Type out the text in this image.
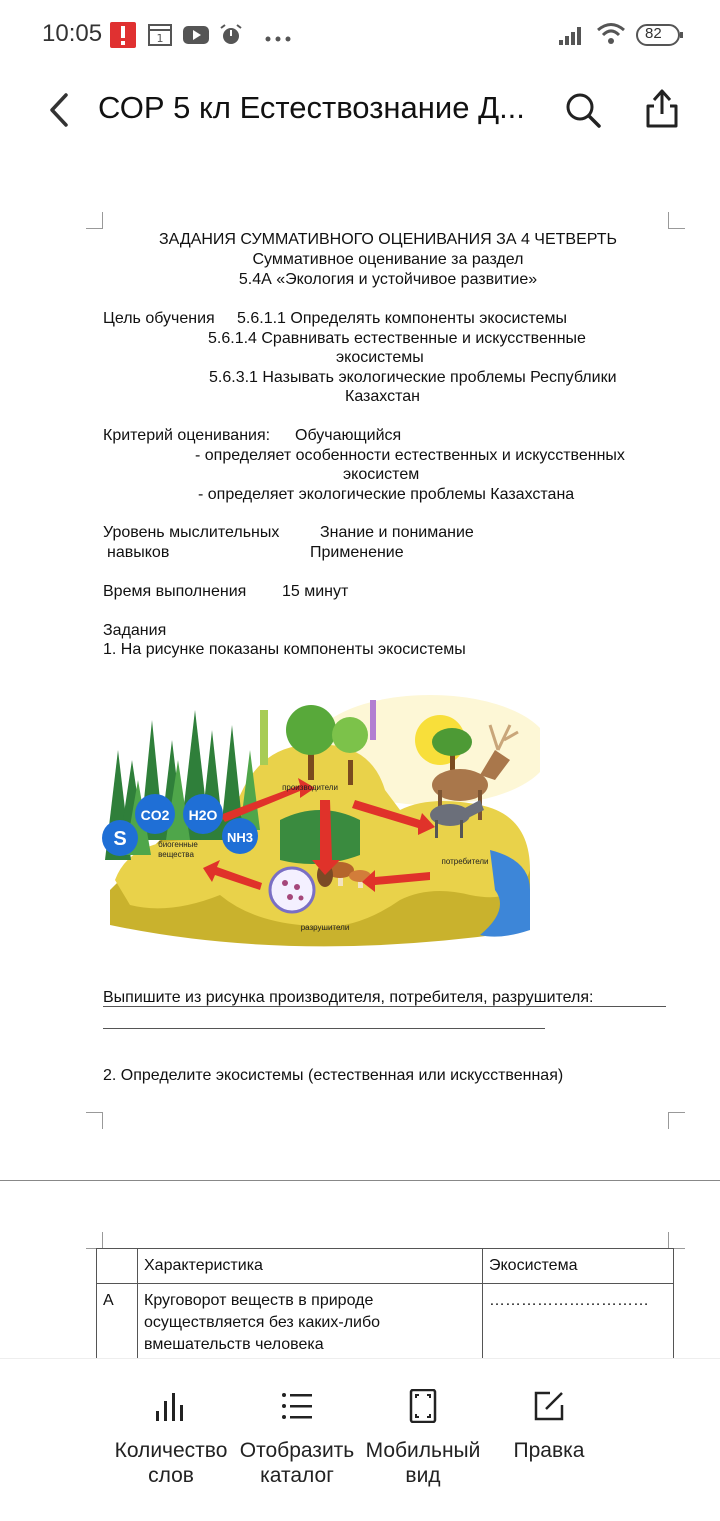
10:05	1	82
СОР 5 кл Естествознание Д...
ЗАДАНИЯ СУММАТИВНОГО ОЦЕНИВАНИЯ ЗА 4 ЧЕТВЕРТЬ
Суммативное оценивание за раздел
5.4А «Экология и устойчивое развитие»
Цель обучения 5.6.1.1 Определять компоненты экосистемы
5.6.1.4 Сравнивать естественные и искусственные
экосистемы
5.6.3.1 Называть экологические проблемы Республики
Казахстан
Критерий оценивания: Обучающийся
- определяет особенности естественных и искусственных
экосистем
- определяет экологические проблемы Казахстана
Уровень мыслительных
навыков
Знание и понимание
Применение
Время выполнения 15 минут
Задания
1. На рисунке показаны компоненты экосистемы
S
CO2 H2O
NH3
производители
потребители
разрушители
биогенные
вещества
Выпишите из рисунка производителя, потребителя, разрушителя:
2. Определите экосистемы (естественная или искусственная)
	Характеристика	Экосистема
А	Круговорот веществ в природе
осуществляется без каких-либо
вмешательств человека	…………………………
Количество
слов
Отобразить
каталог
Мобильный
вид
Правка
